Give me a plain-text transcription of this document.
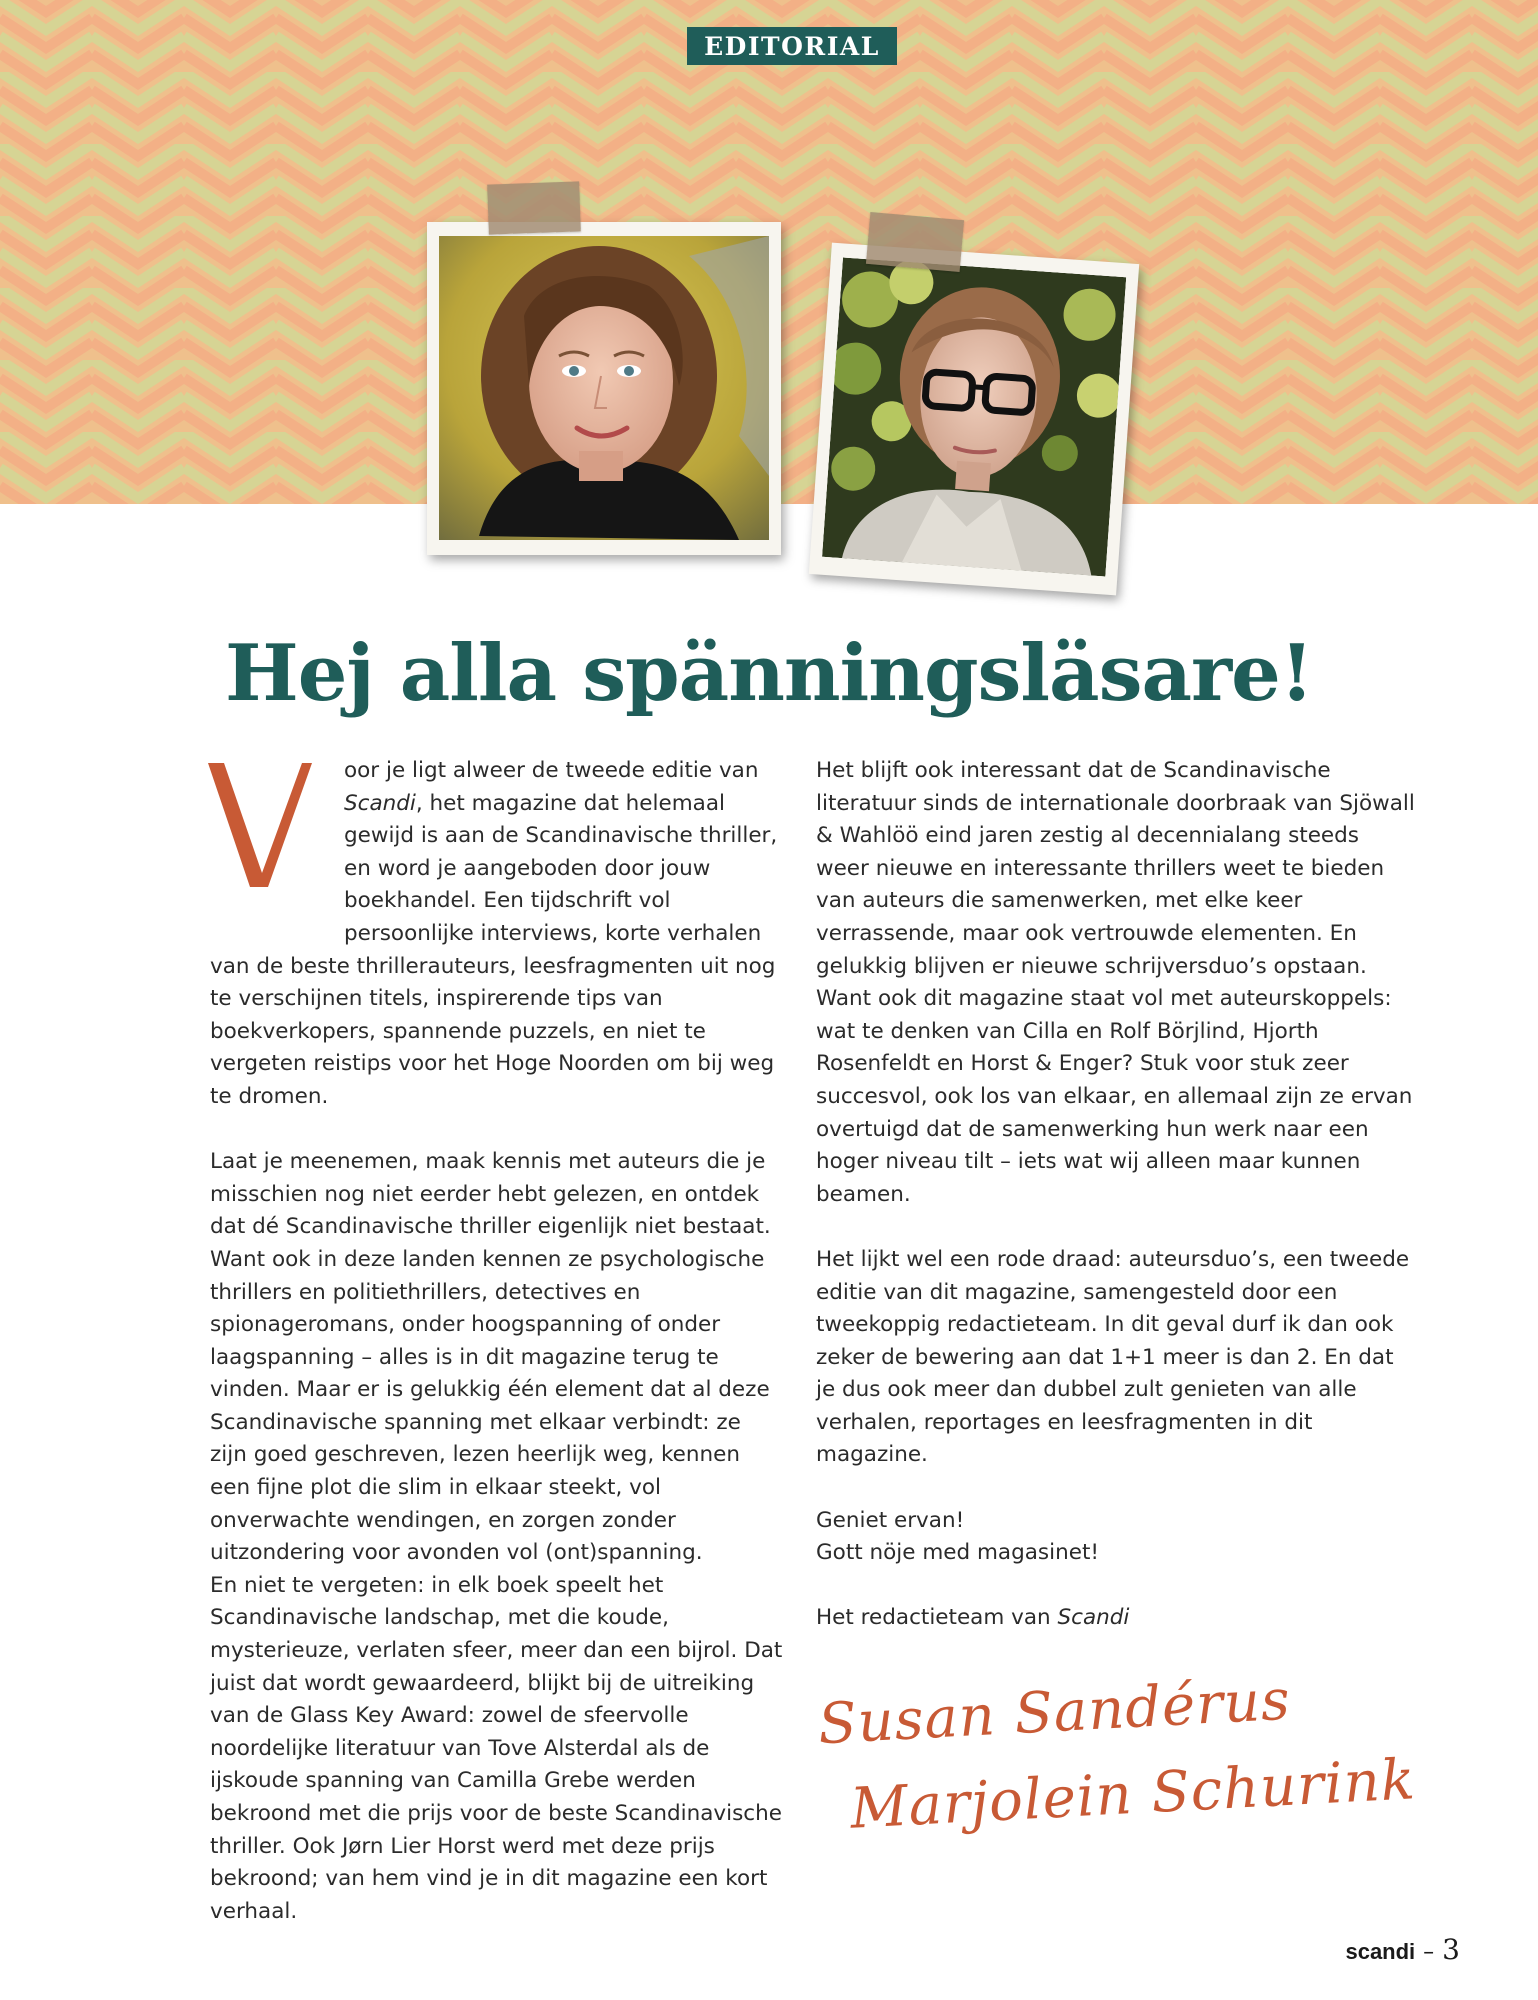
EDITORIAL
Hej alla spänningsläsare!

oor je ligt alweer de tweede editie van Scandi, het magazine dat helemaal gewijd is aan de Scandinavische thriller, en word je aangeboden door jouw boekhandel. Een tijdschrift vol persoonlijke interviews, korte verhalen van de beste thrillerauteurs, leesfragmenten uit nog te verschijnen titels, inspirerende tips van boekverkopers, spannende puzzels, en niet te vergeten reistips voor het Hoge Noorden om bij weg te dromen.

Laat je meenemen, maak kennis met auteurs die je misschien nog niet eerder hebt gelezen, en ontdek dat dé Scandinavische thriller eigenlijk niet bestaat. Want ook in deze landen kennen ze psychologische thrillers en politiethrillers, detectives en spionageromans, onder hoogspanning of onder laagspanning – alles is in dit magazine terug te vinden. Maar er is gelukkig één element dat al deze Scandinavische spanning met elkaar verbindt: ze zijn goed geschreven, lezen heerlijk weg, kennen een fijne plot die slim in elkaar steekt, vol onverwachte wendingen, en zorgen zonder uitzondering voor avonden vol (ont)spanning.

En niet te vergeten: in elk boek speelt het Scandinavische landschap, met die koude, mysterieuze, verlaten sfeer, meer dan een bijrol. Dat juist dat wordt gewaardeerd, blijkt bij de uitreiking van de Glass Key Award: zowel de sfeervolle noordelijke literatuur van Tove Alsterdal als de ijskoude spanning van Camilla Grebe werden bekroond met die prijs voor de beste Scandinavische thriller. Ook Jørn Lier Horst werd met deze prijs bekroond; van hem vind je in dit magazine een kort verhaal.

Het blijft ook interessant dat de Scandinavische literatuur sinds de internationale doorbraak van Sjöwall & Wahlöö eind jaren zestig al decennialang steeds weer nieuwe en interessante thrillers weet te bieden van auteurs die samenwerken, met elke keer verrassende, maar ook vertrouwde elementen. En gelukkig blijven er nieuwe schrijversduo’s opstaan. Want ook dit magazine staat vol met auteurskoppels: wat te denken van Cilla en Rolf Börjlind, Hjorth Rosenfeldt en Horst & Enger? Stuk voor stuk zeer succesvol, ook los van elkaar, en allemaal zijn ze ervan overtuigd dat de samenwerking hun werk naar een hoger niveau tilt – iets wat wij alleen maar kunnen beamen.

Het lijkt wel een rode draad: auteursduo’s, een tweede editie van dit magazine, samengesteld door een tweekoppig redactieteam. In dit geval durf ik dan ook zeker de bewering aan dat 1+1 meer is dan 2. En dat je dus ook meer dan dubbel zult genieten van alle verhalen, reportages en leesfragmenten in dit magazine.

Geniet ervan!

Gott nöje med magasinet!

Het redactieteam van Scandi

Susan Sandérus
Marjolein Schurink
scandi – 3
